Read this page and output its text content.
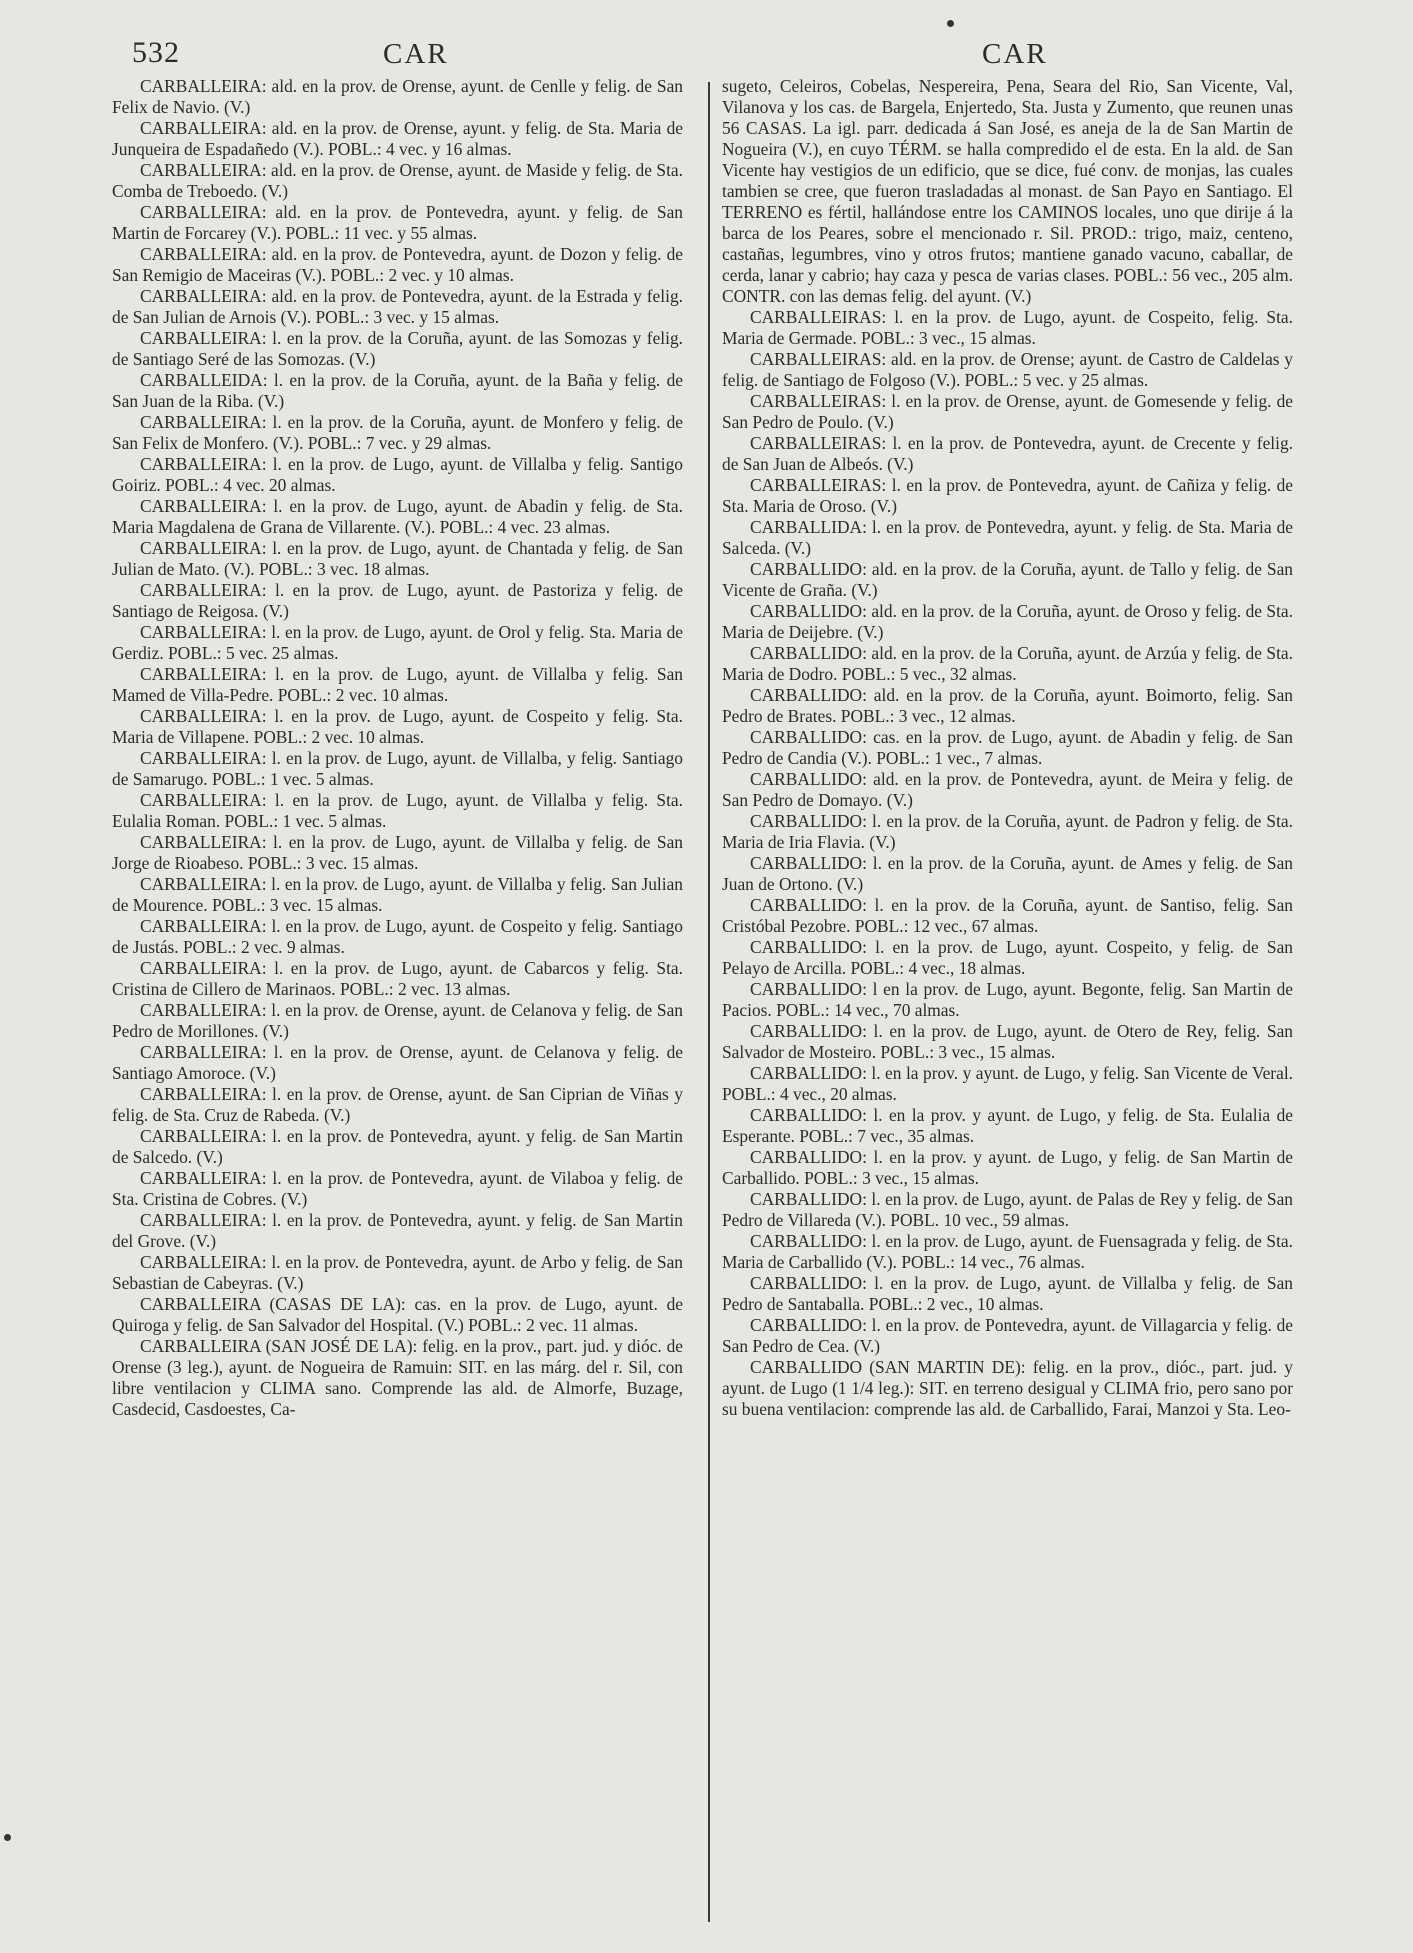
532	CAR	CAR

CARBALLEIRA: ald. en la prov. de Orense, ayunt. de Cenlle y felig. de San Felix de Navio. (V.)

CARBALLEIRA: ald. en la prov. de Orense, ayunt. y felig. de Sta. Maria de Junqueira de Espadañedo (V.). POBL.: 4 vec. y 16 almas.

CARBALLEIRA: ald. en la prov. de Orense, ayunt. de Maside y felig. de Sta. Comba de Treboedo. (V.)

CARBALLEIRA: ald. en la prov. de Pontevedra, ayunt. y felig. de San Martin de Forcarey (V.). POBL.: 11 vec. y 55 almas.

CARBALLEIRA: ald. en la prov. de Pontevedra, ayunt. de Dozon y felig. de San Remigio de Maceiras (V.). POBL.: 2 vec. y 10 almas.

CARBALLEIRA: ald. en la prov. de Pontevedra, ayunt. de la Estrada y felig. de San Julian de Arnois (V.). POBL.: 3 vec. y 15 almas.

CARBALLEIRA: l. en la prov. de la Coruña, ayunt. de las Somozas y felig. de Santiago Seré de las Somozas. (V.)

CARBALLEIDA: l. en la prov. de la Coruña, ayunt. de la Baña y felig. de San Juan de la Riba. (V.)

CARBALLEIRA: l. en la prov. de la Coruña, ayunt. de Monfero y felig. de San Felix de Monfero. (V.). POBL.: 7 vec. y 29 almas.

CARBALLEIRA: l. en la prov. de Lugo, ayunt. de Villalba y felig. Santigo Goiriz. POBL.: 4 vec. 20 almas.

CARBALLEIRA: l. en la prov. de Lugo, ayunt. de Abadin y felig. de Sta. Maria Magdalena de Grana de Villarente. (V.). POBL.: 4 vec. 23 almas.

CARBALLEIRA: l. en la prov. de Lugo, ayunt. de Chantada y felig. de San Julian de Mato. (V.). POBL.: 3 vec. 18 almas.

CARBALLEIRA: l. en la prov. de Lugo, ayunt. de Pastoriza y felig. de Santiago de Reigosa. (V.)

CARBALLEIRA: l. en la prov. de Lugo, ayunt. de Orol y felig. Sta. Maria de Gerdiz. POBL.: 5 vec. 25 almas.

CARBALLEIRA: l. en la prov. de Lugo, ayunt. de Villalba y felig. San Mamed de Villa-Pedre. POBL.: 2 vec. 10 almas.

CARBALLEIRA: l. en la prov. de Lugo, ayunt. de Cospeito y felig. Sta. Maria de Villapene. POBL.: 2 vec. 10 almas.

CARBALLEIRA: l. en la prov. de Lugo, ayunt. de Villalba, y felig. Santiago de Samarugo. POBL.: 1 vec. 5 almas.

CARBALLEIRA: l. en la prov. de Lugo, ayunt. de Villalba y felig. Sta. Eulalia Roman. POBL.: 1 vec. 5 almas.

CARBALLEIRA: l. en la prov. de Lugo, ayunt. de Villalba y felig. de San Jorge de Rioabeso. POBL.: 3 vec. 15 almas.

CARBALLEIRA: l. en la prov. de Lugo, ayunt. de Villalba y felig. San Julian de Mourence. POBL.: 3 vec. 15 almas.

CARBALLEIRA: l. en la prov. de Lugo, ayunt. de Cospeito y felig. Santiago de Justás. POBL.: 2 vec. 9 almas.

CARBALLEIRA: l. en la prov. de Lugo, ayunt. de Cabarcos y felig. Sta. Cristina de Cillero de Marinaos. POBL.: 2 vec. 13 almas.

CARBALLEIRA: l. en la prov. de Orense, ayunt. de Celanova y felig. de San Pedro de Morillones. (V.)

CARBALLEIRA: l. en la prov. de Orense, ayunt. de Celanova y felig. de Santiago Amoroce. (V.)

CARBALLEIRA: l. en la prov. de Orense, ayunt. de San Ciprian de Viñas y felig. de Sta. Cruz de Rabeda. (V.)

CARBALLEIRA: l. en la prov. de Pontevedra, ayunt. y felig. de San Martin de Salcedo. (V.)

CARBALLEIRA: l. en la prov. de Pontevedra, ayunt. de Vilaboa y felig. de Sta. Cristina de Cobres. (V.)

CARBALLEIRA: l. en la prov. de Pontevedra, ayunt. y felig. de San Martin del Grove. (V.)

CARBALLEIRA: l. en la prov. de Pontevedra, ayunt. de Arbo y felig. de San Sebastian de Cabeyras. (V.)

CARBALLEIRA (CASAS DE LA): cas. en la prov. de Lugo, ayunt. de Quiroga y felig. de San Salvador del Hospital. (V.) POBL.: 2 vec. 11 almas.

CARBALLEIRA (SAN JOSÉ DE LA): felig. en la prov., part. jud. y dióc. de Orense (3 leg.), ayunt. de Nogueira de Ramuin: SIT. en las márg. del r. Sil, con libre ventilacion y CLIMA sano. Comprende las ald. de Almorfe, Buzage, Casdecid, Casdoestes, Ca-

sugeto, Celeiros, Cobelas, Nespereira, Pena, Seara del Rio, San Vicente, Val, Vilanova y los cas. de Bargela, Enjertedo, Sta. Justa y Zumento, que reunen unas 56 CASAS. La igl. parr. dedicada á San José, es aneja de la de San Martin de Nogueira (V.), en cuyo TÉRM. se halla compredido el de esta. En la ald. de San Vicente hay vestigios de un edificio, que se dice, fué conv. de monjas, las cuales tambien se cree, que fueron trasladadas al monast. de San Payo en Santiago. El TERRENO es fértil, hallándose entre los CAMINOS locales, uno que dirije á la barca de los Peares, sobre el mencionado r. Sil. PROD.: trigo, maiz, centeno, castañas, legumbres, vino y otros frutos; mantiene ganado vacuno, caballar, de cerda, lanar y cabrio; hay caza y pesca de varias clases. POBL.: 56 vec., 205 alm. CONTR. con las demas felig. del ayunt. (V.)

CARBALLEIRAS: l. en la prov. de Lugo, ayunt. de Cospeito, felig. Sta. Maria de Germade. POBL.: 3 vec., 15 almas.

CARBALLEIRAS: ald. en la prov. de Orense; ayunt. de Castro de Caldelas y felig. de Santiago de Folgoso (V.). POBL.: 5 vec. y 25 almas.

CARBALLEIRAS: l. en la prov. de Orense, ayunt. de Gomesende y felig. de San Pedro de Poulo. (V.)

CARBALLEIRAS: l. en la prov. de Pontevedra, ayunt. de Crecente y felig. de San Juan de Albeós. (V.)

CARBALLEIRAS: l. en la prov. de Pontevedra, ayunt. de Cañiza y felig. de Sta. Maria de Oroso. (V.)

CARBALLIDA: l. en la prov. de Pontevedra, ayunt. y felig. de Sta. Maria de Salceda. (V.)

CARBALLIDO: ald. en la prov. de la Coruña, ayunt. de Tallo y felig. de San Vicente de Graña. (V.)

CARBALLIDO: ald. en la prov. de la Coruña, ayunt. de Oroso y felig. de Sta. Maria de Deijebre. (V.)

CARBALLIDO: ald. en la prov. de la Coruña, ayunt. de Arzúa y felig. de Sta. Maria de Dodro. POBL.: 5 vec., 32 almas.

CARBALLIDO: ald. en la prov. de la Coruña, ayunt. Boimorto, felig. San Pedro de Brates. POBL.: 3 vec., 12 almas.

CARBALLIDO: cas. en la prov. de Lugo, ayunt. de Abadin y felig. de San Pedro de Candia (V.). POBL.: 1 vec., 7 almas.

CARBALLIDO: ald. en la prov. de Pontevedra, ayunt. de Meira y felig. de San Pedro de Domayo. (V.)

CARBALLIDO: l. en la prov. de la Coruña, ayunt. de Padron y felig. de Sta. Maria de Iria Flavia. (V.)

CARBALLIDO: l. en la prov. de la Coruña, ayunt. de Ames y felig. de San Juan de Ortono. (V.)

CARBALLIDO: l. en la prov. de la Coruña, ayunt. de Santiso, felig. San Cristóbal Pezobre. POBL.: 12 vec., 67 almas.

CARBALLIDO: l. en la prov. de Lugo, ayunt. Cospeito, y felig. de San Pelayo de Arcilla. POBL.: 4 vec., 18 almas.

CARBALLIDO: l en la prov. de Lugo, ayunt. Begonte, felig. San Martin de Pacios. POBL.: 14 vec., 70 almas.

CARBALLIDO: l. en la prov. de Lugo, ayunt. de Otero de Rey, felig. San Salvador de Mosteiro. POBL.: 3 vec., 15 almas.

CARBALLIDO: l. en la prov. y ayunt. de Lugo, y felig. San Vicente de Veral. POBL.: 4 vec., 20 almas.

CARBALLIDO: l. en la prov. y ayunt. de Lugo, y felig. de Sta. Eulalia de Esperante. POBL.: 7 vec., 35 almas.

CARBALLIDO: l. en la prov. y ayunt. de Lugo, y felig. de San Martin de Carballido. POBL.: 3 vec., 15 almas.

CARBALLIDO: l. en la prov. de Lugo, ayunt. de Palas de Rey y felig. de San Pedro de Villareda (V.). POBL. 10 vec., 59 almas.

CARBALLIDO: l. en la prov. de Lugo, ayunt. de Fuensagrada y felig. de Sta. Maria de Carballido (V.). POBL.: 14 vec., 76 almas.

CARBALLIDO: l. en la prov. de Lugo, ayunt. de Villalba y felig. de San Pedro de Santaballa. POBL.: 2 vec., 10 almas.

CARBALLIDO: l. en la prov. de Pontevedra, ayunt. de Villagarcia y felig. de San Pedro de Cea. (V.)

CARBALLIDO (SAN MARTIN DE): felig. en la prov., dióc., part. jud. y ayunt. de Lugo (1 1/4 leg.): SIT. en terreno desigual y CLIMA frio, pero sano por su buena ventilacion: comprende las ald. de Carballido, Farai, Manzoi y Sta. Leo-
